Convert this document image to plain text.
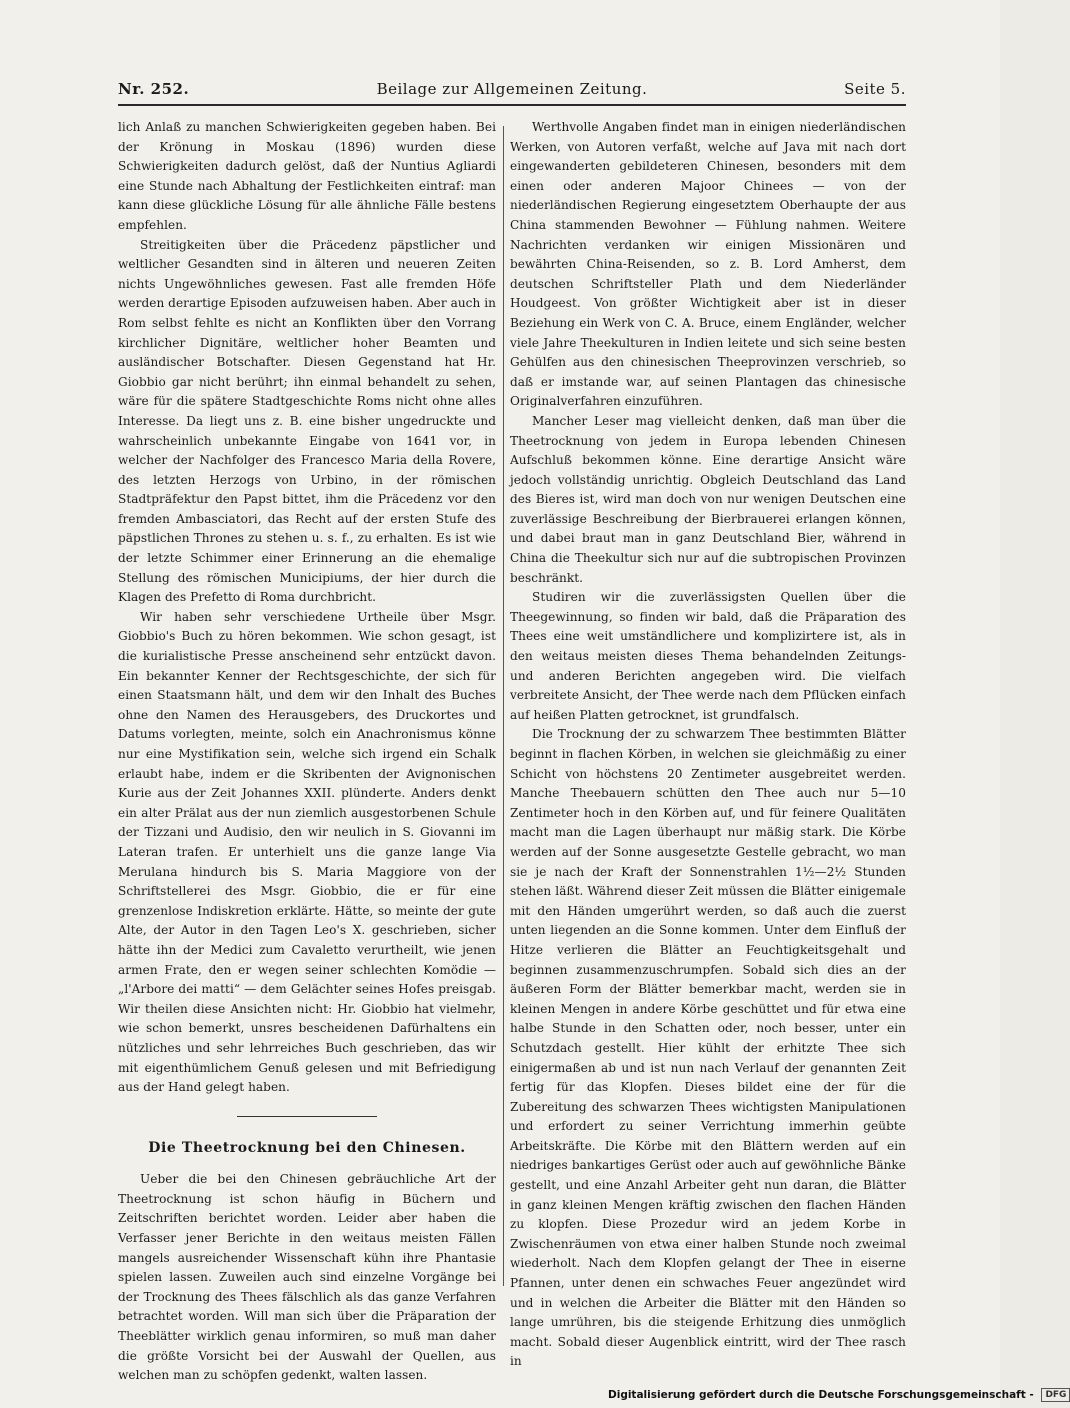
Nr. 252.	Beilage zur Allgemeinen Zeitung.	Seite 5.

lich Anlaß zu manchen Schwierigkeiten gegeben haben. Bei der Krönung in Moskau (1896) wurden diese Schwierigkeiten dadurch gelöst, daß der Nuntius Agliardi eine Stunde nach Abhaltung der Festlichkeiten eintraf: man kann diese glückliche Lösung für alle ähnliche Fälle bestens empfehlen.

Streitigkeiten über die Präcedenz päpstlicher und weltlicher Gesandten sind in älteren und neueren Zeiten nichts Ungewöhnliches gewesen. Fast alle fremden Höfe werden derartige Episoden aufzuweisen haben. Aber auch in Rom selbst fehlte es nicht an Konflikten über den Vorrang kirchlicher Dignitäre, weltlicher hoher Beamten und ausländischer Botschafter. Diesen Gegenstand hat Hr. Giobbio gar nicht berührt; ihn einmal behandelt zu sehen, wäre für die spätere Stadtgeschichte Roms nicht ohne alles Interesse. Da liegt uns z. B. eine bisher ungedruckte und wahrscheinlich unbekannte Eingabe von 1641 vor, in welcher der Nachfolger des Francesco Maria della Rovere, des letzten Herzogs von Urbino, in der römischen Stadtpräfektur den Papst bittet, ihm die Präcedenz vor den fremden Ambasciatori, das Recht auf der ersten Stufe des päpstlichen Thrones zu stehen u. s. f., zu erhalten. Es ist wie der letzte Schimmer einer Erinnerung an die ehemalige Stellung des römischen Municipiums, der hier durch die Klagen des Prefetto di Roma durchbricht.

Wir haben sehr verschiedene Urtheile über Msgr. Giobbio's Buch zu hören bekommen. Wie schon gesagt, ist die kurialistische Presse anscheinend sehr entzückt davon. Ein bekannter Kenner der Rechtsgeschichte, der sich für einen Staatsmann hält, und dem wir den Inhalt des Buches ohne den Namen des Herausgebers, des Druckortes und Datums vorlegten, meinte, solch ein Anachronismus könne nur eine Mystifikation sein, welche sich irgend ein Schalk erlaubt habe, indem er die Skribenten der Avignonischen Kurie aus der Zeit Johannes XXII. plünderte. Anders denkt ein alter Prälat aus der nun ziemlich ausgestorbenen Schule der Tizzani und Audisio, den wir neulich in S. Giovanni im Lateran trafen. Er unterhielt uns die ganze lange Via Merulana hindurch bis S. Maria Maggiore von der Schriftstellerei des Msgr. Giobbio, die er für eine grenzenlose Indiskretion erklärte. Hätte, so meinte der gute Alte, der Autor in den Tagen Leo's X. geschrieben, sicher hätte ihn der Medici zum Cavaletto verurtheilt, wie jenen armen Frate, den er wegen seiner schlechten Komödie — „l'Arbore dei matti“ — dem Gelächter seines Hofes preisgab. Wir theilen diese Ansichten nicht: Hr. Giobbio hat vielmehr, wie schon bemerkt, unsres bescheidenen Dafürhaltens ein nützliches und sehr lehrreiches Buch geschrieben, das wir mit eigenthümlichem Genuß gelesen und mit Befriedigung aus der Hand gelegt haben.

Die Theetrocknung bei den Chinesen.

Ueber die bei den Chinesen gebräuchliche Art der Theetrocknung ist schon häufig in Büchern und Zeitschriften berichtet worden. Leider aber haben die Verfasser jener Berichte in den weitaus meisten Fällen mangels ausreichender Wissenschaft kühn ihre Phantasie spielen lassen. Zuweilen auch sind einzelne Vorgänge bei der Trocknung des Thees fälschlich als das ganze Verfahren betrachtet worden. Will man sich über die Präparation der Theeblätter wirklich genau informiren, so muß man daher die größte Vorsicht bei der Auswahl der Quellen, aus welchen man zu schöpfen gedenkt, walten lassen.

Werthvolle Angaben findet man in einigen niederländischen Werken, von Autoren verfaßt, welche auf Java mit nach dort eingewanderten gebildeteren Chinesen, besonders mit dem einen oder anderen Majoor Chinees — von der niederländischen Regierung eingesetztem Oberhaupte der aus China stammenden Bewohner — Fühlung nahmen. Weitere Nachrichten verdanken wir einigen Missionären und bewährten China-Reisenden, so z. B. Lord Amherst, dem deutschen Schriftsteller Plath und dem Niederländer Houdgeest. Von größter Wichtigkeit aber ist in dieser Beziehung ein Werk von C. A. Bruce, einem Engländer, welcher viele Jahre Theekulturen in Indien leitete und sich seine besten Gehülfen aus den chinesischen Theeprovinzen verschrieb, so daß er imstande war, auf seinen Plantagen das chinesische Originalverfahren einzuführen.

Mancher Leser mag vielleicht denken, daß man über die Theetrocknung von jedem in Europa lebenden Chinesen Aufschluß bekommen könne. Eine derartige Ansicht wäre jedoch vollständig unrichtig. Obgleich Deutschland das Land des Bieres ist, wird man doch von nur wenigen Deutschen eine zuverlässige Beschreibung der Bierbrauerei erlangen können, und dabei braut man in ganz Deutschland Bier, während in China die Theekultur sich nur auf die subtropischen Provinzen beschränkt.

Studiren wir die zuverlässigsten Quellen über die Theegewinnung, so finden wir bald, daß die Präparation des Thees eine weit umständlichere und komplizirtere ist, als in den weitaus meisten dieses Thema behandelnden Zeitungs- und anderen Berichten angegeben wird. Die vielfach verbreitete Ansicht, der Thee werde nach dem Pflücken einfach auf heißen Platten getrocknet, ist grundfalsch.

Die Trocknung der zu schwarzem Thee bestimmten Blätter beginnt in flachen Körben, in welchen sie gleichmäßig zu einer Schicht von höchstens 20 Zentimeter ausgebreitet werden. Manche Theebauern schütten den Thee auch nur 5—10 Zentimeter hoch in den Körben auf, und für feinere Qualitäten macht man die Lagen überhaupt nur mäßig stark. Die Körbe werden auf der Sonne ausgesetzte Gestelle gebracht, wo man sie je nach der Kraft der Sonnenstrahlen 1½—2½ Stunden stehen läßt. Während dieser Zeit müssen die Blätter einigemale mit den Händen umgerührt werden, so daß auch die zuerst unten liegenden an die Sonne kommen. Unter dem Einfluß der Hitze verlieren die Blätter an Feuchtigkeitsgehalt und beginnen zusammenzuschrumpfen. Sobald sich dies an der äußeren Form der Blätter bemerkbar macht, werden sie in kleinen Mengen in andere Körbe geschüttet und für etwa eine halbe Stunde in den Schatten oder, noch besser, unter ein Schutzdach gestellt. Hier kühlt der erhitzte Thee sich einigermaßen ab und ist nun nach Verlauf der genannten Zeit fertig für das Klopfen. Dieses bildet eine der für die Zubereitung des schwarzen Thees wichtigsten Manipulationen und erfordert zu seiner Verrichtung immerhin geübte Arbeitskräfte. Die Körbe mit den Blättern werden auf ein niedriges bankartiges Gerüst oder auch auf gewöhnliche Bänke gestellt, und eine Anzahl Arbeiter geht nun daran, die Blätter in ganz kleinen Mengen kräftig zwischen den flachen Händen zu klopfen. Diese Prozedur wird an jedem Korbe in Zwischenräumen von etwa einer halben Stunde noch zweimal wiederholt. Nach dem Klopfen gelangt der Thee in eiserne Pfannen, unter denen ein schwaches Feuer angezündet wird und in welchen die Arbeiter die Blätter mit den Händen so lange umrühren, bis die steigende Erhitzung dies unmöglich macht. Sobald dieser Augenblick eintritt, wird der Thee rasch in

Digitalisierung gefördert durch die Deutsche Forschungsgemeinschaft - DFG
